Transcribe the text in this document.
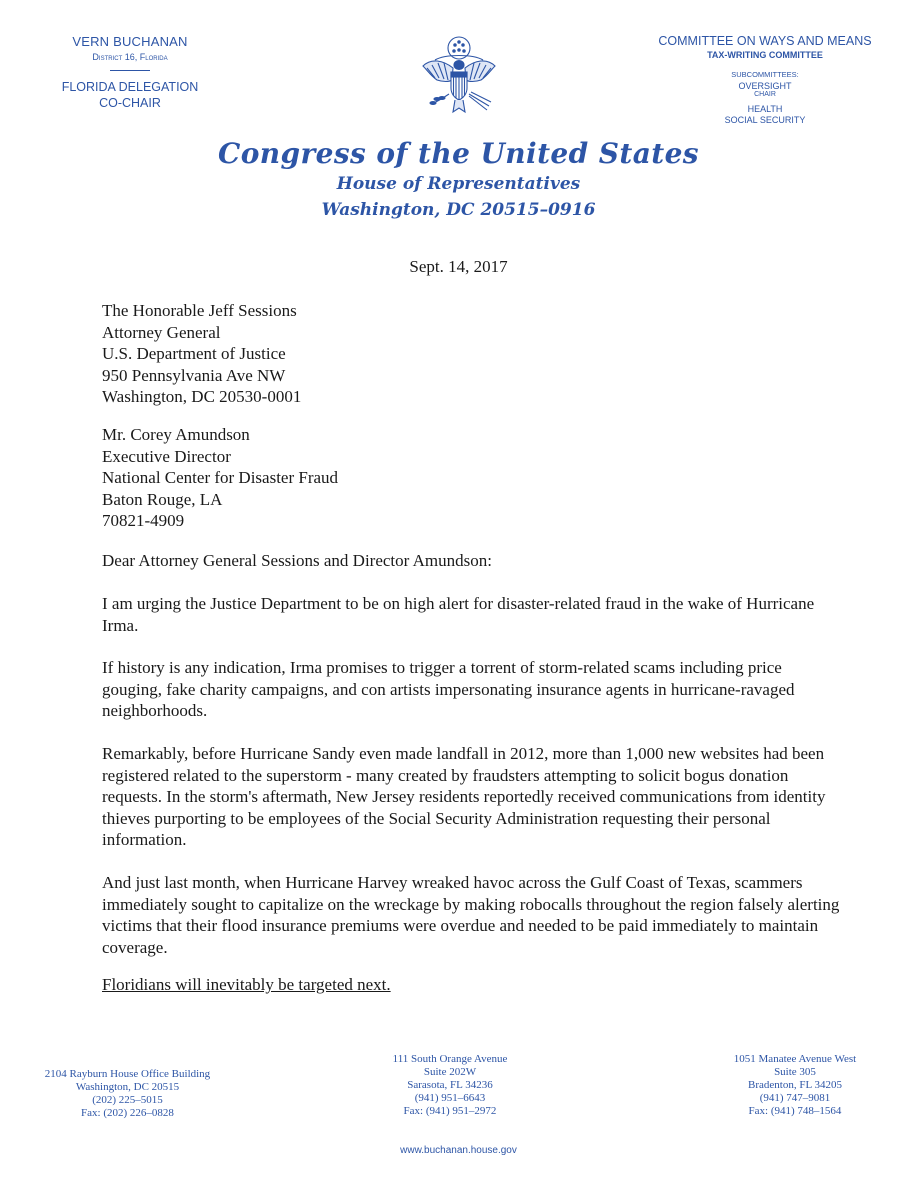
VERN BUCHANAN
District 16, Florida
FLORIDA DELEGATION
CO-CHAIR
COMMITTEE ON WAYS AND MEANS
TAX-WRITING COMMITTEE
SUBCOMMITTEES:
OVERSIGHT
CHAIR
HEALTH
SOCIAL SECURITY
Congress of the United States
House of Representatives
Washington, DC 20515–0916
Sept. 14, 2017
The Honorable Jeff Sessions
Attorney General
U.S. Department of Justice
950 Pennsylvania Ave NW
Washington, DC 20530-0001
Mr. Corey Amundson
Executive Director
National Center for Disaster Fraud
Baton Rouge, LA
70821-4909
Dear Attorney General Sessions and Director Amundson:

I am urging the Justice Department to be on high alert for disaster-related fraud in the wake of Hurricane Irma.

If history is any indication, Irma promises to trigger a torrent of storm-related scams including price gouging, fake charity campaigns, and con artists impersonating insurance agents in hurricane-ravaged neighborhoods.

Remarkably, before Hurricane Sandy even made landfall in 2012, more than 1,000 new websites had been registered related to the superstorm - many created by fraudsters attempting to solicit bogus donation requests. In the storm's aftermath, New Jersey residents reportedly received communications from identity thieves purporting to be employees of the Social Security Administration requesting their personal information.

And just last month, when Hurricane Harvey wreaked havoc across the Gulf Coast of Texas, scammers immediately sought to capitalize on the wreckage by making robocalls throughout the region falsely alerting victims that their flood insurance premiums were overdue and needed to be paid immediately to maintain coverage.

Floridians will inevitably be targeted next.
2104 Rayburn House Office Building
Washington, DC 20515
(202) 225–5015
Fax: (202) 226–0828
111 South Orange Avenue
Suite 202W
Sarasota, FL 34236
(941) 951–6643
Fax: (941) 951–2972
1051 Manatee Avenue West
Suite 305
Bradenton, FL 34205
(941) 747–9081
Fax: (941) 748–1564
www.buchanan.house.gov
